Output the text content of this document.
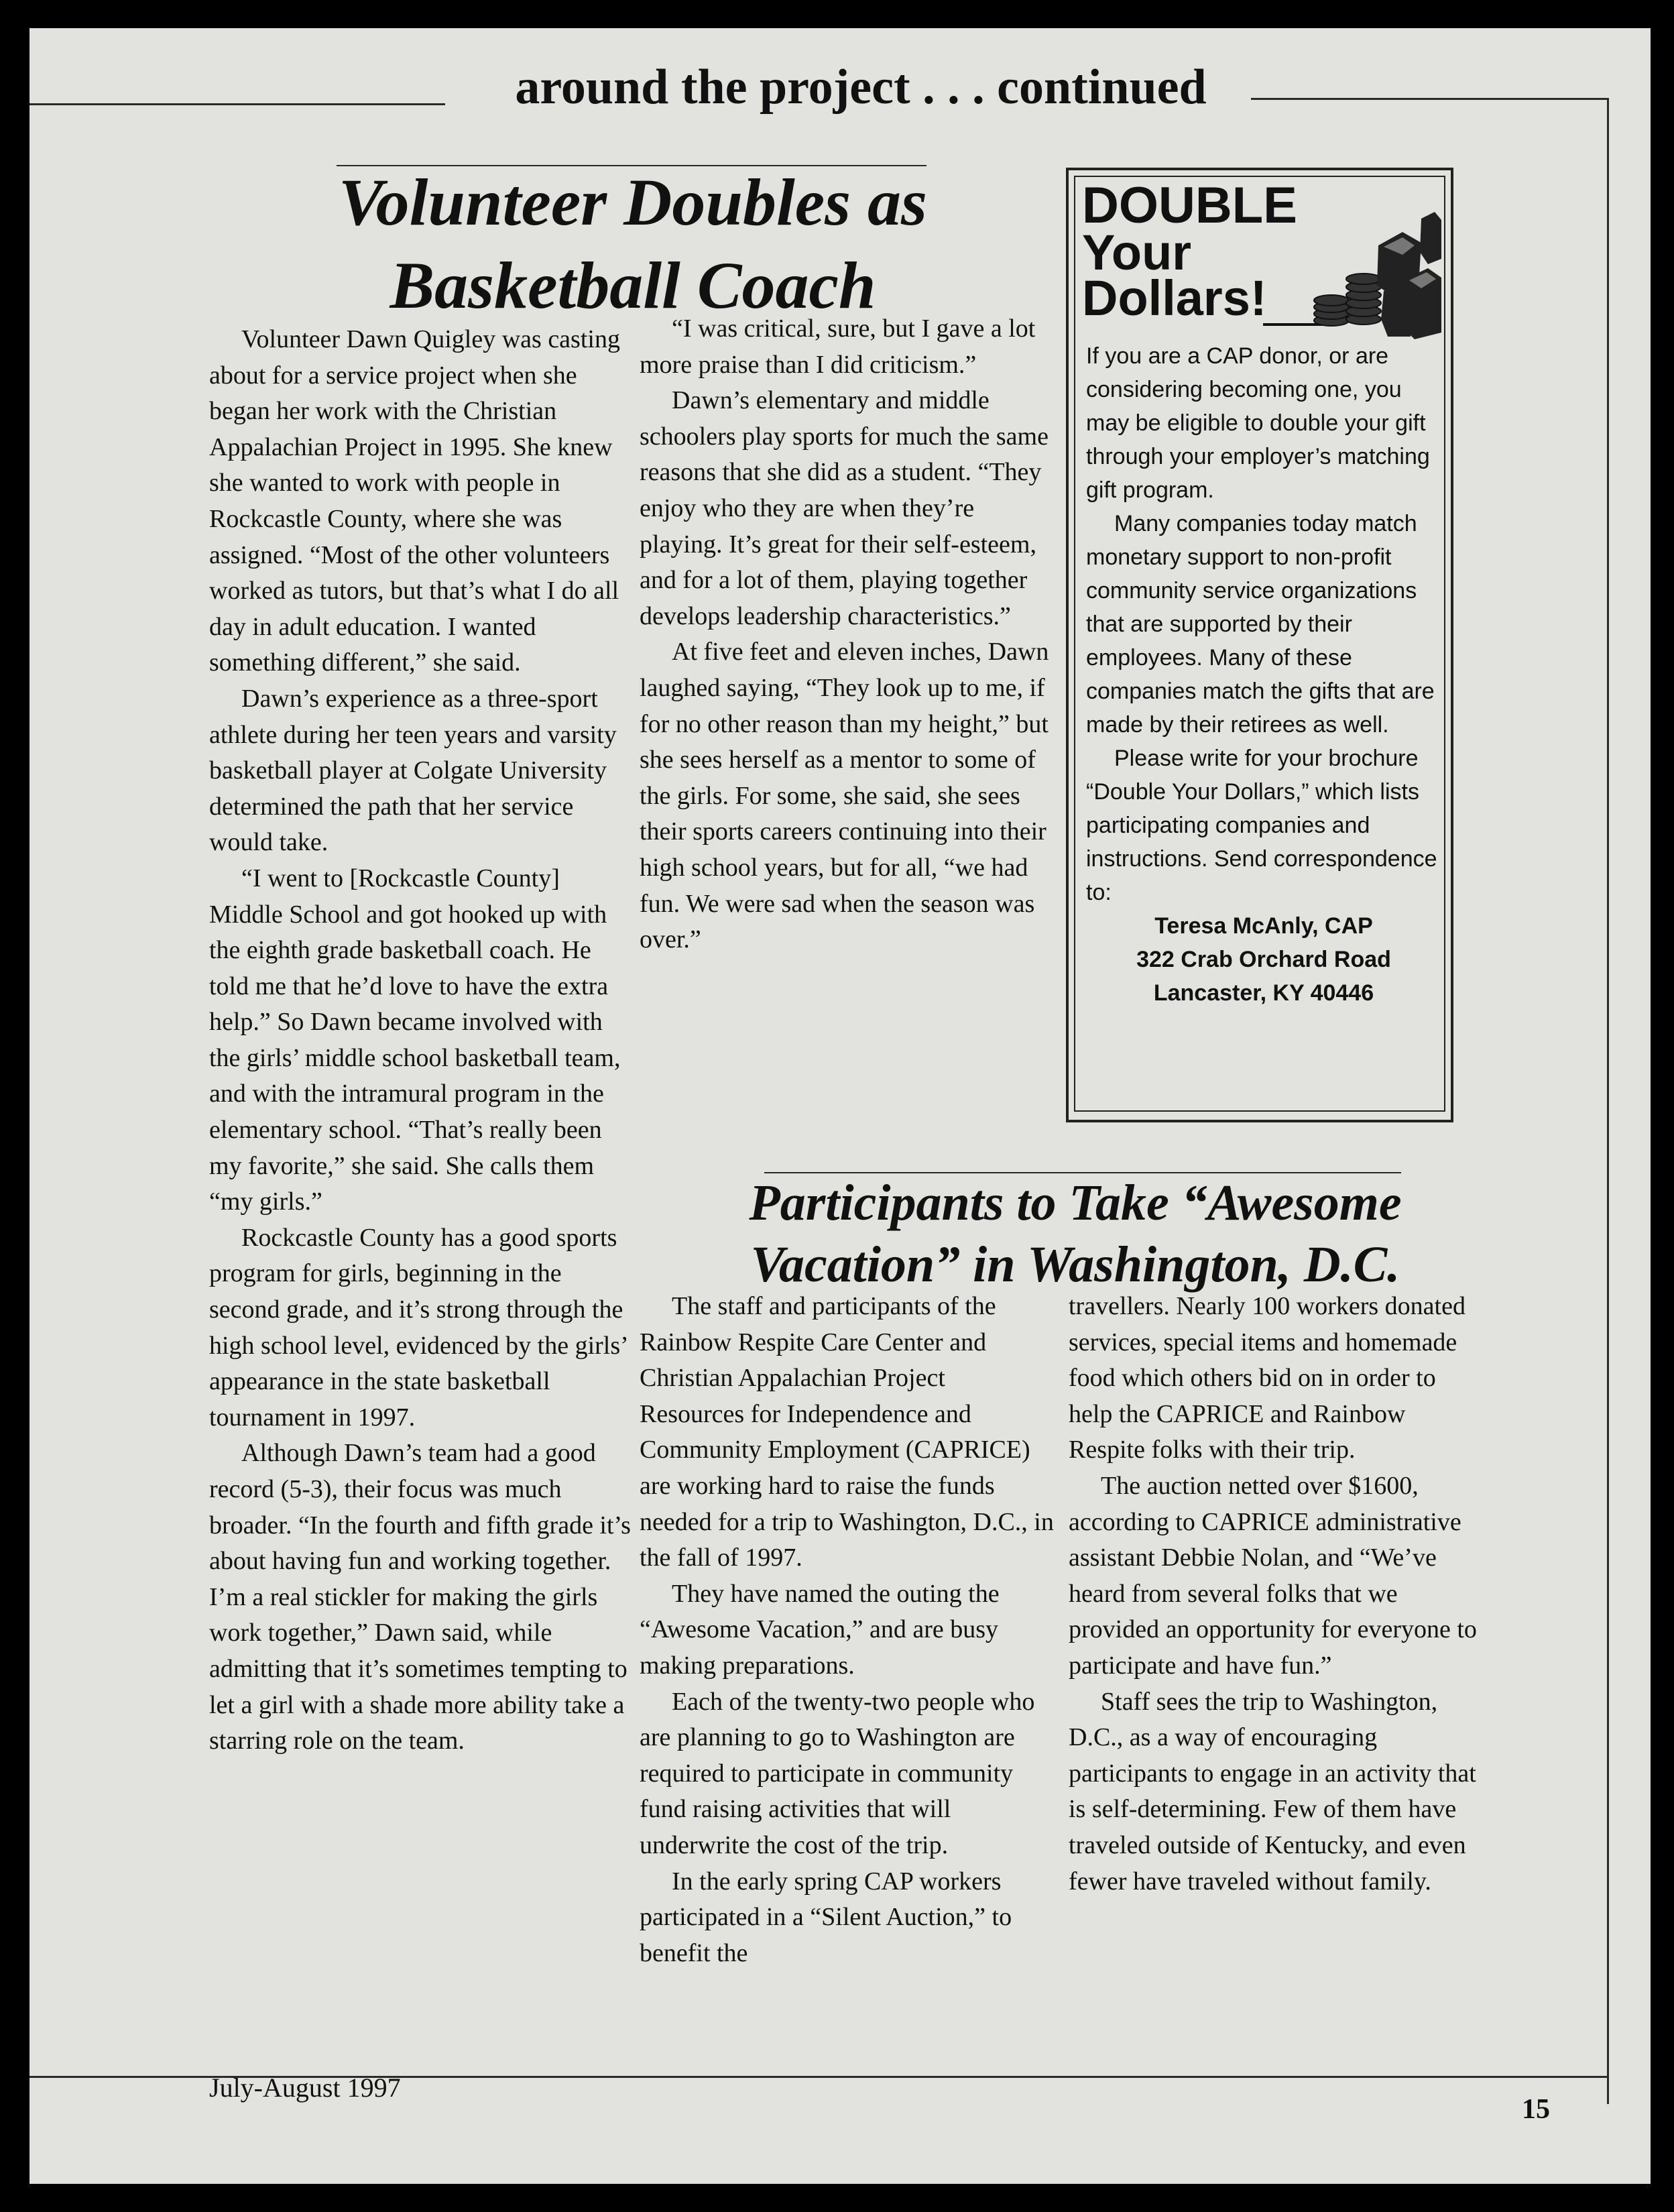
around the project . . . continued
Volunteer Doubles as
Basketball Coach

Volunteer Dawn Quigley was casting about for a service project when she began her work with the Christian Appalachian Project in 1995. She knew she wanted to work with people in Rockcastle County, where she was assigned. “Most of the other volunteers worked as tutors, but that’s what I do all day in adult education. I wanted something different,” she said.

Dawn’s experience as a three-sport athlete during her teen years and varsity basketball player at Colgate University determined the path that her service would take.

“I went to [Rockcastle County] Middle School and got hooked up with the eighth grade basketball coach. He told me that he’d love to have the extra help.” So Dawn became involved with the girls’ middle school basketball team, and with the intramural program in the elementary school. “That’s really been my favorite,” she said. She calls them “my girls.”

Rockcastle County has a good sports program for girls, beginning in the second grade, and it’s strong through the high school level, evidenced by the girls’ appearance in the state basketball tournament in 1997.

Although Dawn’s team had a good record (5-3), their focus was much broader. “In the fourth and fifth grade it’s about having fun and working together. I’m a real stickler for making the girls work together,” Dawn said, while admitting that it’s sometimes tempting to let a girl with a shade more ability take a starring role on the team.

“I was critical, sure, but I gave a lot more praise than I did criticism.”

Dawn’s elementary and middle schoolers play sports for much the same reasons that she did as a student. “They enjoy who they are when they’re playing. It’s great for their self-esteem, and for a lot of them, playing together develops leadership characteristics.”

At five feet and eleven inches, Dawn laughed saying, “They look up to me, if for no other reason than my height,” but she sees herself as a mentor to some of the girls. For some, she said, she sees their sports careers continuing into their high school years, but for all, “we had fun. We were sad when the season was over.”

DOUBLE
Your
Dollars!

If you are a CAP donor, or are considering becoming one, you may be eligible to double your gift through your employer’s matching gift program.

Many companies today match monetary support to non-profit community service organizations that are supported by their employees. Many of these companies match the gifts that are made by their retirees as well.

Please write for your brochure “Double Your Dollars,” which lists participating companies and instructions. Send correspondence to:

Teresa McAnly, CAP

322 Crab Orchard Road

Lancaster, KY 40446

Participants to Take “Awesome
Vacation” in Washington, D.C.

The staff and participants of the Rainbow Respite Care Center and Christian Appalachian Project Resources for Independence and Community Employment (CAPRICE) are working hard to raise the funds needed for a trip to Washington, D.C., in the fall of 1997.

They have named the outing the “Awesome Vacation,” and are busy making preparations.

Each of the twenty-two people who are planning to go to Washington are required to participate in community fund raising activities that will underwrite the cost of the trip.

In the early spring CAP workers participated in a “Silent Auction,” to benefit the

travellers. Nearly 100 workers donated services, special items and homemade food which others bid on in order to help the CAPRICE and Rainbow Respite folks with their trip.

The auction netted over $1600, according to CAPRICE administrative assistant Debbie Nolan, and “We’ve heard from several folks that we provided an opportunity for everyone to participate and have fun.”

Staff sees the trip to Washington, D.C., as a way of encouraging participants to engage in an activity that is self-determining. Few of them have traveled outside of Kentucky, and even fewer have traveled without family.

July-August 1997
15
